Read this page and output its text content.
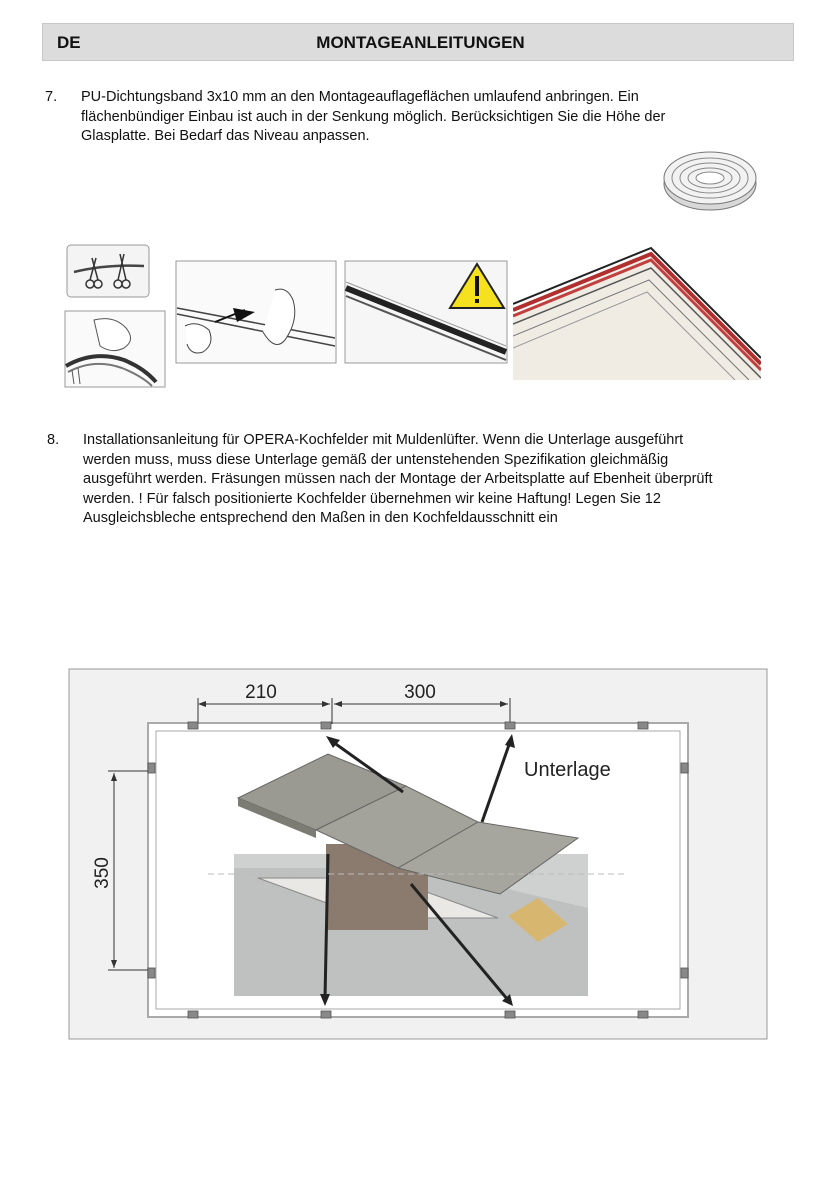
DE	MONTAGEANLEITUNGEN
7. PU-Dichtungsband 3x10 mm an den Montageauflageflächen umlaufend anbringen. Ein
flächenbündiger Einbau ist auch in der Senkung möglich. Berücksichtigen Sie die Höhe der
Glasplatte. Bei Bedarf das Niveau anpassen.
8. Installationsanleitung für OPERA-Kochfelder mit Muldenlüfter. Wenn die Unterlage ausgeführt
werden muss, muss diese Unterlage gemäß der untenstehenden Spezifikation gleichmäßig
ausgeführt werden. Fräsungen müssen nach der Montage der Arbeitsplatte auf Ebenheit überprüft
werden. ! Für falsch positionierte Kochfelder übernehmen wir keine Haftung! Legen Sie 12
Ausgleichsbleche entsprechend den Maßen in den Kochfeldausschnitt ein
210	300
350
Unterlage
